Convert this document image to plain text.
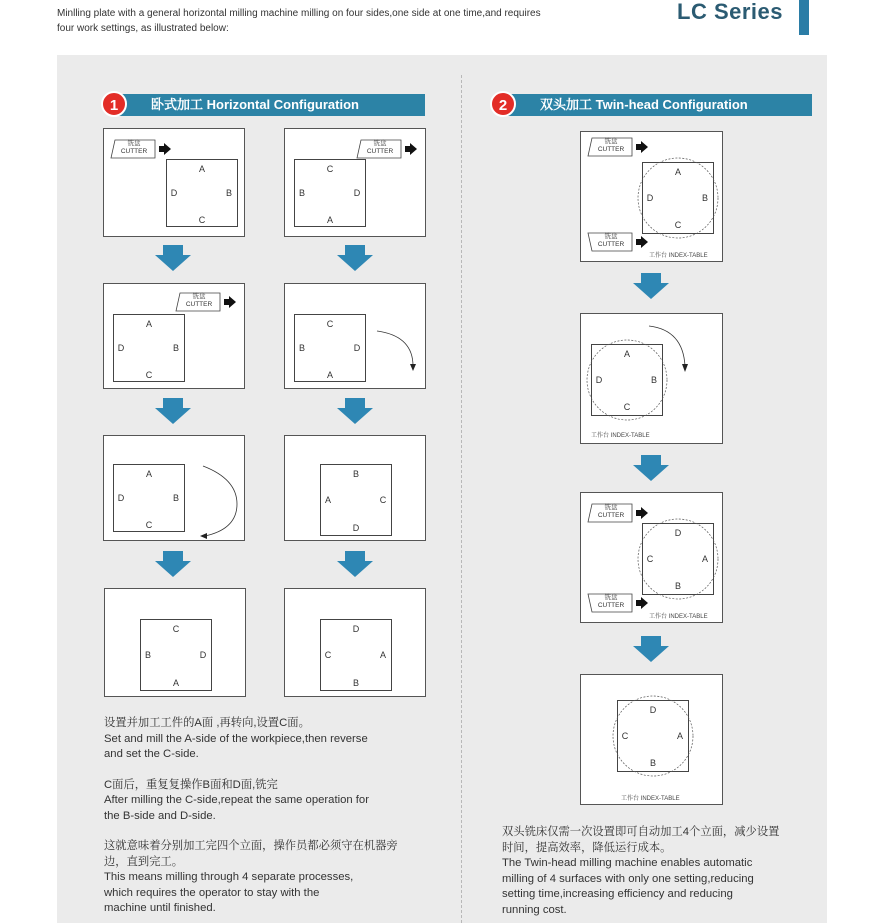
Minlling plate with a general horizontal milling machine milling on four sides,one side at one time,and requires
four work settings, as illustrated below:
LC Series
1	卧式加工 Horizontal Configuration	2	双头加工 Twin-head Configuration
铣盘
CUTTER
A
B
C
D
铣盘
CUTTER
C
D
A
B
铣盘
CUTTER
A
B
C
D
C
D
A
B
A
B
C
D
B
C
D
A
C
D
A
B
D
A
B
C
铣盘
CUTTER
铣盘
CUTTER
A
B
C
D
工作台 INDEX-TABLE
A
B
C
D
工作台 INDEX-TABLE
铣盘
CUTTER
铣盘
CUTTER
D
A
B
C
工作台 INDEX-TABLE
D
A
B
C
工作台 INDEX-TABLE

设置并加工工件的A面 ,再转向,设置C面。

Set and mill the A-side of the workpiece,then reverse

and set the C-side.

C面后，重复复操作B面和D面,铣完

After milling the C-side,repeat the same operation for

the B-side and D-side.

这就意味着分别加工完四个立面，操作员都必须守在机器旁

边，直到完工。

This means milling through 4 separate processes,

which requires the operator to stay with the

machine until finished.

双头铣床仅需一次设置即可自动加工4个立面，减少设置

时间，提高效率，降低运行成本。

The Twin-head milling machine enables automatic

milling of 4 surfaces with only one setting,reducing

setting time,increasing efficiency and reducing

running cost.
